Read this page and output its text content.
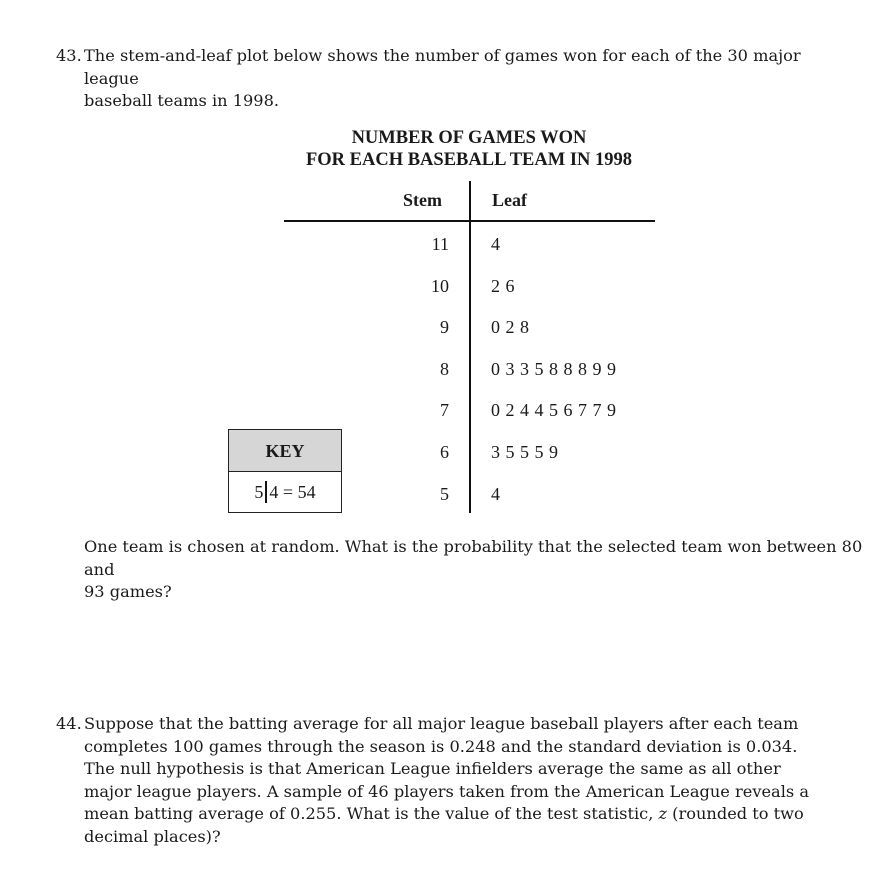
43. The stem-and-leaf plot below shows the number of games won for each of the 30 major league
baseball teams in 1998.
NUMBER OF GAMES WON
FOR EACH BASEBALL TEAM IN 1998
Stem	Leaf
11 4
10 2 6
9 0 2 8
8 0 3 3 5 8 8 8 9 9
7 0 2 4 4 5 6 7 7 9
6 3 5 5 5 9
5 4
KEY
5 4 = 54
One team is chosen at random. What is the probability that the selected team won between 80 and
93 games?
44. Suppose that the batting average for all major league baseball players after each team
completes 100 games through the season is 0.248 and the standard deviation is 0.034.
The null hypothesis is that American League infielders average the same as all other
major league players. A sample of 46 players taken from the American League reveals a
mean batting average of 0.255. What is the value of the test statistic, z (rounded to two
decimal places)?
